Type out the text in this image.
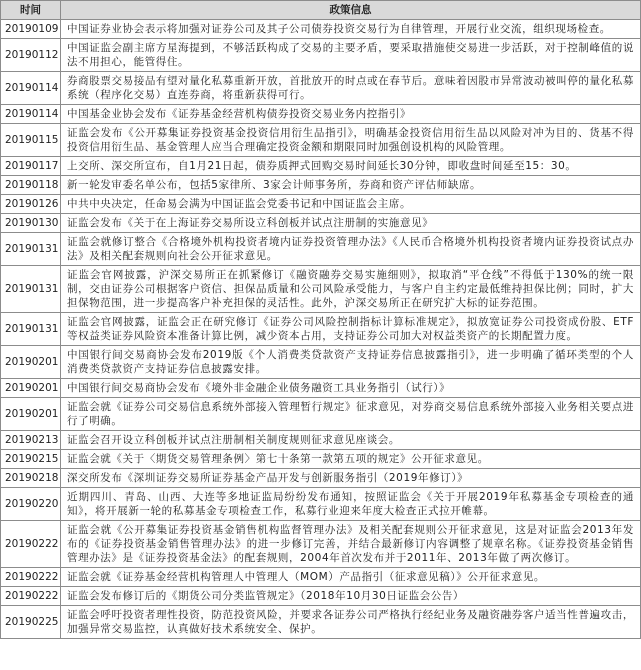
时间	政策信息
20190109	中国证券业协会表示将加强对证券公司及其子公司债券投资交易行为自律管理，开展行业交流，组织现场检查。
20190112	中国证监会副主席方星海提到，不够活跃构成了交易的主要矛盾，要采取措施使交易进一步活跃，对于控制峰值的说法不用担心，能管得住。
20190114	券商股票交易接品有望对量化私募重新开放，首批放开的时点或在春节后。意味着因股市异常波动被叫停的量化私募系统（程序化交易）直连券商，将重新获得可行。
20190114	中国基金业协会发布《证券基金经营机构债券投资交易业务内控指引》
20190115	证监会发布《公开募集证券投资基金投资信用衍生品指引》，明确基金投资信用衍生品以风险对冲为目的、货基不得投资信用衍生品、基金管理人应当合理确定投资金额和期限同时加强创设机构的风险管理。
20190117	上交所、深交所宣布，自1月21日起，债券质押式回购交易时间延长30分钟，即收盘时间延至15：30。
20190118	新一轮发审委名单公布，包括5家律所、3家会计师事务所，券商和资产评估师缺席。
20190126	中共中央决定，任命易会满为中国证监会党委书记和中国证监会主席。
20190130	证监会发布《关于在上海证券交易所设立科创板并试点注册制的实施意见》
20190131	证监会就修订整合《合格境外机构投资者境内证券投资管理办法》《人民币合格境外机构投资者境内证券投资试点办法》及相关配套规则向社会公开征求意见。
20190131	证监会官网披露，沪深交易所正在抓紧修订《融资融券交易实施细则》，拟取消“平仓线”不得低于130%的统一限制，交由证券公司根据客户资信、担保品质量和公司风险承受能力，与客户自主约定最低维持担保比例；同时，扩大担保物范围，进一步提高客户补充担保的灵活性。此外，沪深交易所正在研究扩大标的证券范围。
20190131	证监会官网披露，证监会正在研究修订《证券公司风险控制指标计算标准规定》，拟放宽证券公司投资成份股、ETF等权益类证券风险资本准备计算比例，减少资本占用，支持证券公司加大对权益类资产的长期配置力度。
20190201	中国银行间交易商协会发布2019版《个人消费类贷款资产支持证券信息披露指引》，进一步明确了循环类型的个人消费类贷款资产支持证券信息披露安排。
20190201	中国银行间交易商协会发布《境外非金融企业债务融资工具业务指引（试行）》
20190201	证监会就《证券公司交易信息系统外部接入管理暂行规定》征求意见，对券商交易信息系统外部接入业务相关要点进行了明确。
20190213	证监会召开设立科创板并试点注册制相关制度规则征求意见座谈会。
20190215	证监会就《关于〈期货交易管理条例〉第七十条第一款第五项的规定》公开征求意见。
20190218	深交所发布《深圳证券交易所证券基金产品开发与创新服务指引（2019年修订）》
20190220	近期四川、青岛、山西、大连等多地证监局纷纷发布通知，按照证监会《关于开展2019年私募基金专项检查的通知》，将开展新一轮的私募基金专项检查工作，私募行业迎来年度大检查正式拉开帷幕。
20190222	证监会就《公开募集证券投资基金销售机构监督管理办法》及相关配套规则公开征求意见，这是对证监会2013年发布的《证券投资基金销售管理办法》的进一步修订完善，并结合最新修订内容调整了规章名称。《证券投资基金销售管理办法》是《证券投资基金法》的配套规则，2004年首次发布并于2011年、2013年做了两次修订。
20190222	证监会就《证券基金经营机构管理人中管理人（MOM）产品指引（征求意见稿）》公开征求意见。
20190222	证监会发布修订后的《期货公司分类监管规定》（2018年10月30日证监会公告）
20190225	证监会呼吁投资者理性投资，防范投资风险，并要求各证券公司严格执行经纪业务及融资融券客户适当性普遍攻击，加强异常交易监控，认真做好技术系统安全、保护。
